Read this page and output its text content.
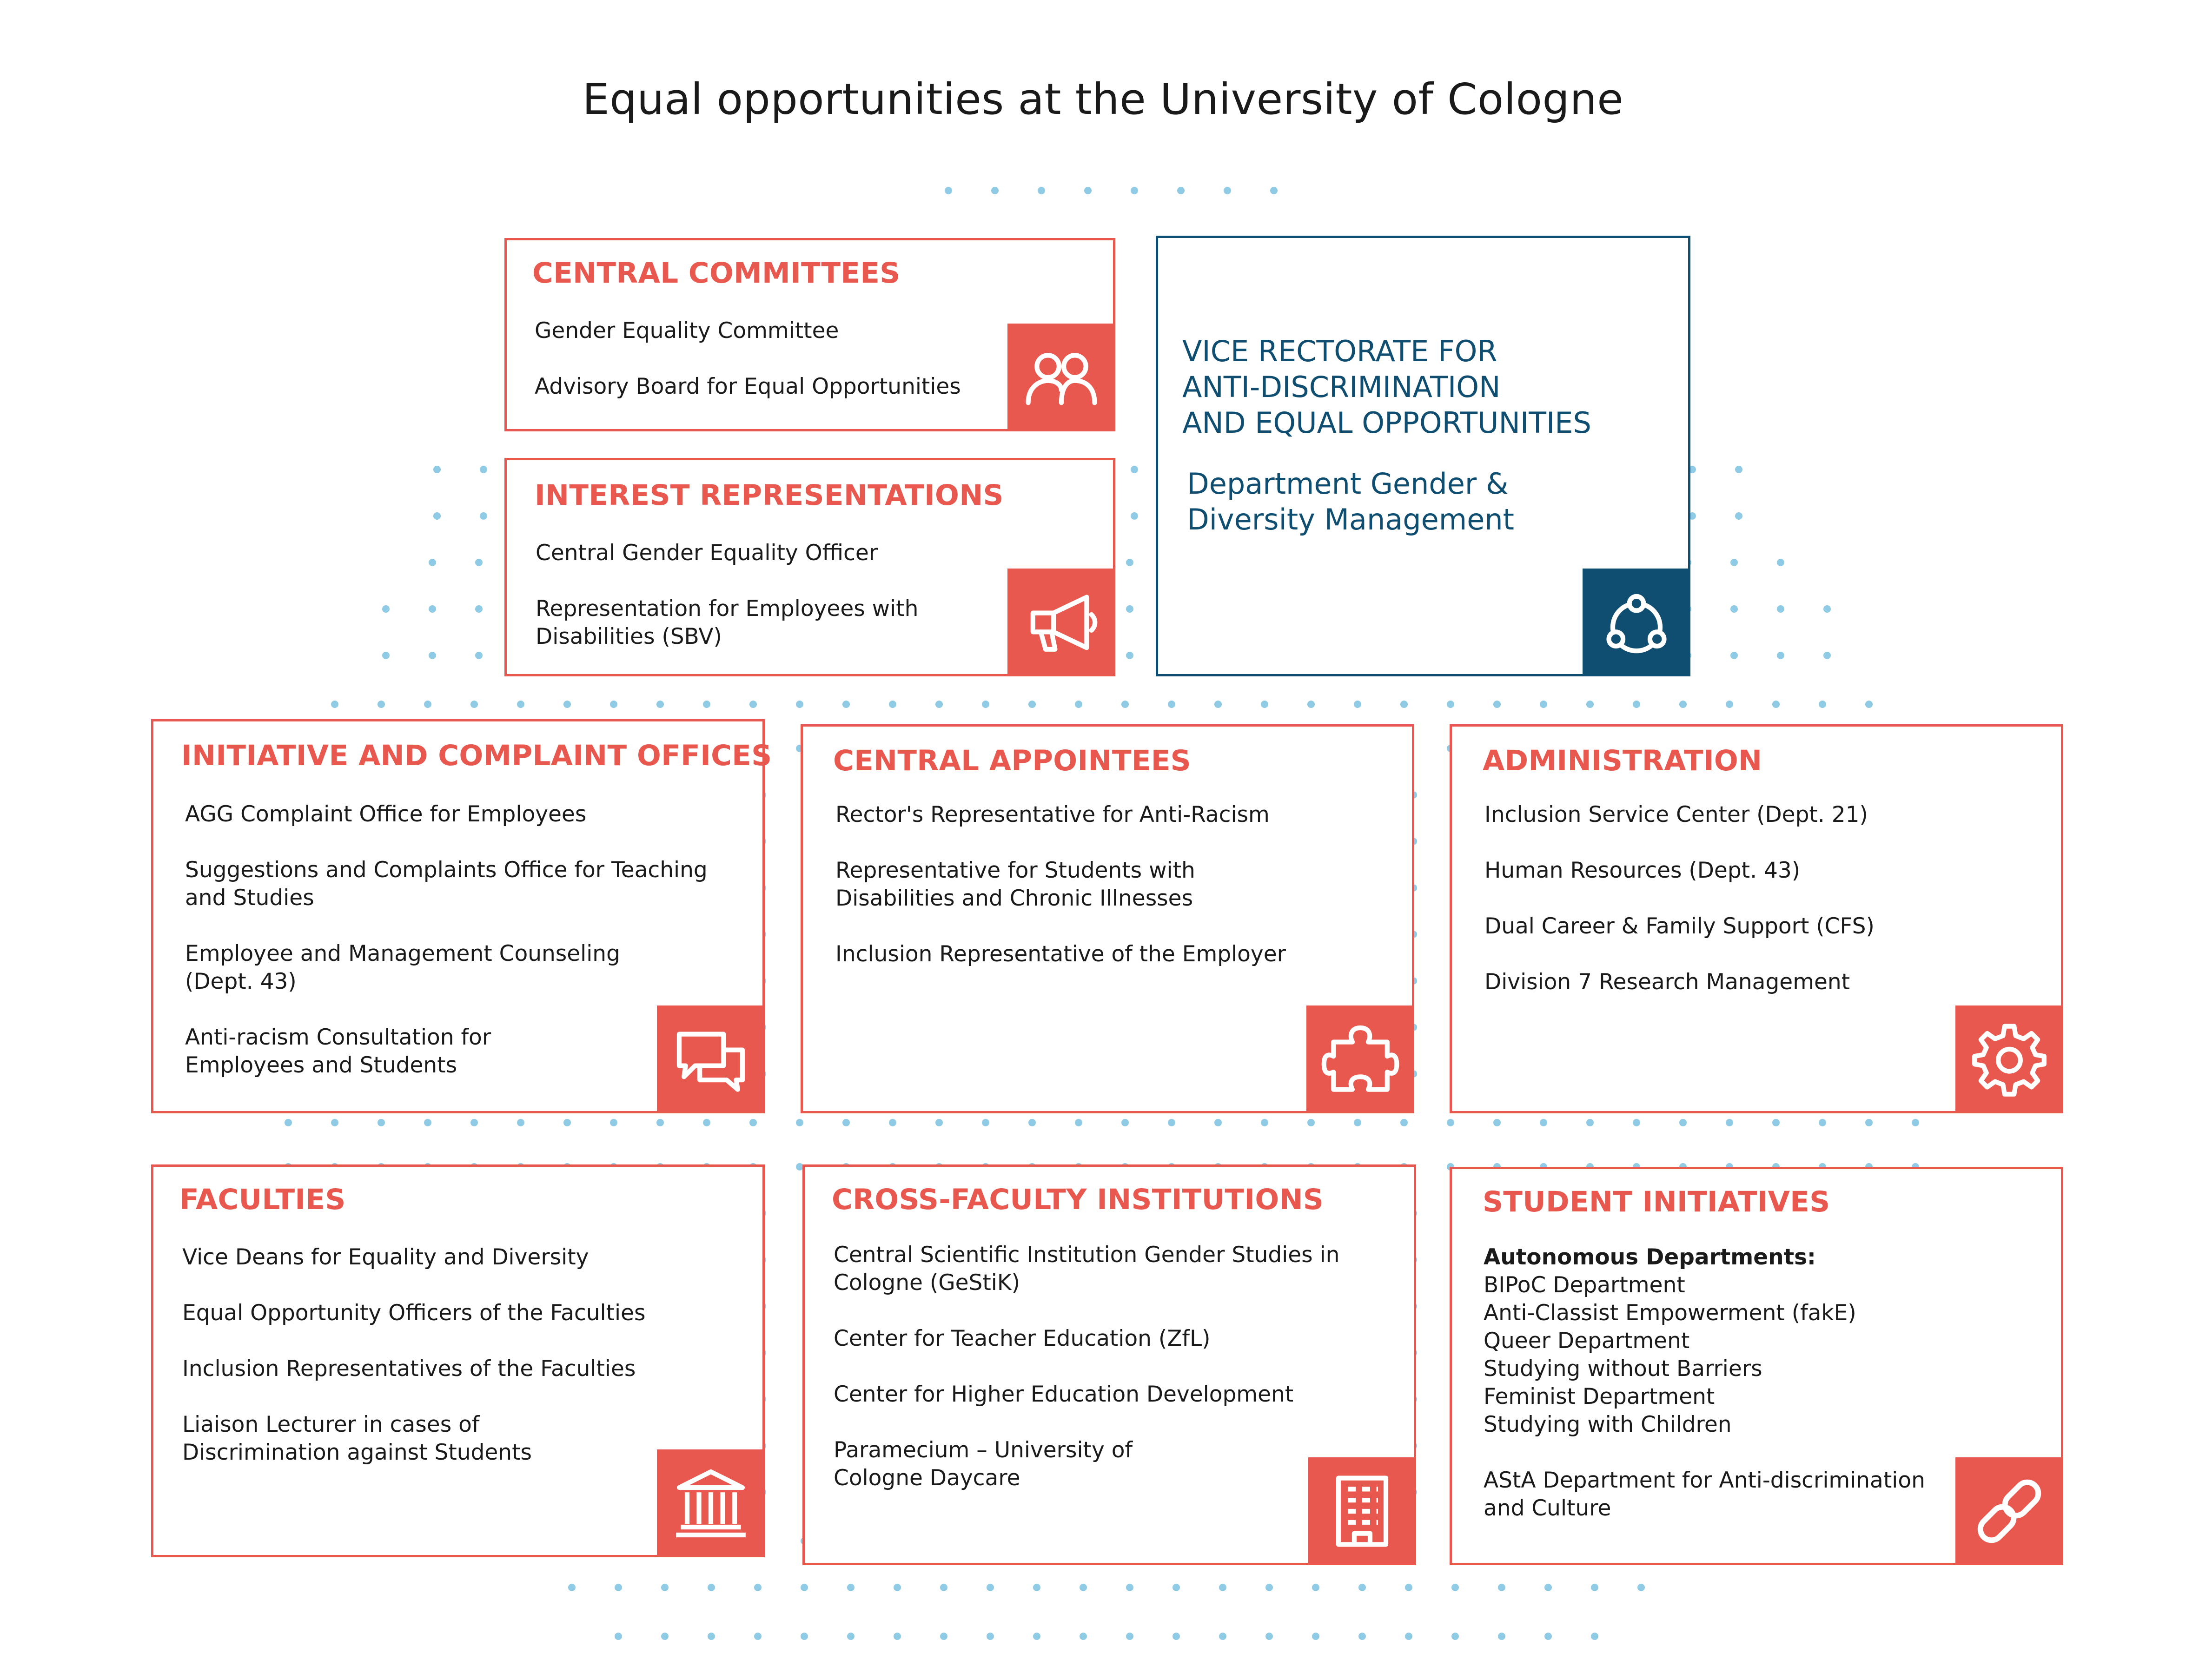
Equal opportunities at the University of Cologne
CENTRAL COMMITTEES
Gender Equality Committee
Advisory Board for Equal Opportunities
INTEREST REPRESENTATIONS
Central Gender Equality Officer
Representation for Employees with
Disabilities (SBV)
VICE RECTORATE FOR
ANTI-DISCRIMINATION
AND EQUAL OPPORTUNITIES
Department Gender &
Diversity Management
INITIATIVE AND COMPLAINT OFFICES
AGG Complaint Office for Employees
Suggestions and Complaints Office for Teaching
and Studies
Employee and Management Counseling
(Dept. 43)
Anti-racism Consultation for
Employees and Students
CENTRAL APPOINTEES
Rector's Representative for Anti-Racism
Representative for Students with
Disabilities and Chronic Illnesses
Inclusion Representative of the Employer
ADMINISTRATION
Inclusion Service Center (Dept. 21)
Human Resources (Dept. 43)
Dual Career & Family Support (CFS)
Division 7 Research Management
FACULTIES
Vice Deans for Equality and Diversity
Equal Opportunity Officers of the Faculties
Inclusion Representatives of the Faculties
Liaison Lecturer in cases of
Discrimination against Students
CROSS-FACULTY INSTITUTIONS
Central Scientific Institution Gender Studies in
Cologne (GeStiK)
Center for Teacher Education (ZfL)
Center for Higher Education Development
Paramecium – University of
Cologne Daycare
STUDENT INITIATIVES
Autonomous Departments:
BIPoC Department
Anti-Classist Empowerment (fakE)
Queer Department
Studying without Barriers
Feminist Department
Studying with Children
AStA Department for Anti-discrimination
and Culture
